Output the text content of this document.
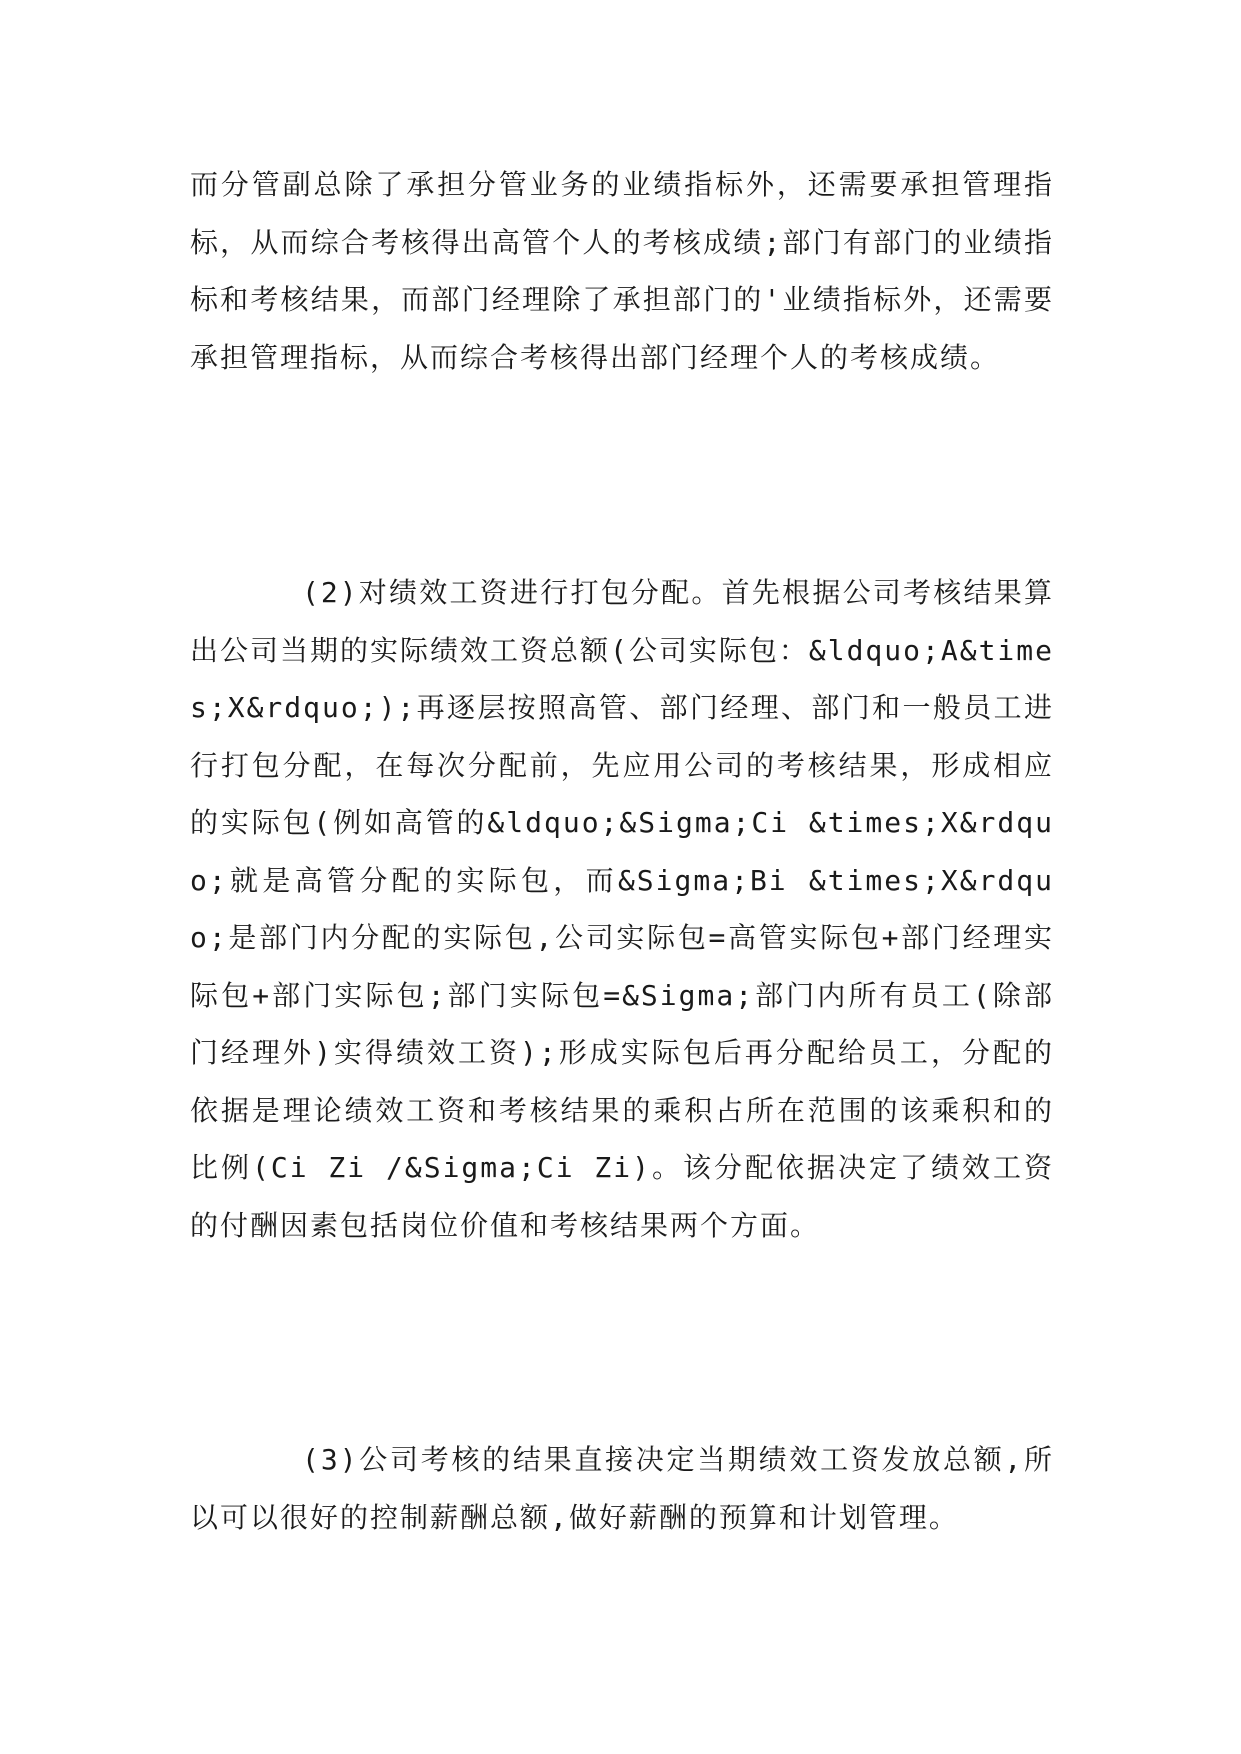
而分管副总除了承担分管业务的业绩指标外，还需要承担管理指标，从而综合考核得出高管个人的考核成绩;部门有部门的业绩指标和考核结果，而部门经理除了承担部门的'业绩指标外，还需要承担管理指标，从而综合考核得出部门经理个人的考核成绩。

(2)对绩效工资进行打包分配。首先根据公司考核结果算出公司当期的实际绩效工资总额(公司实际包：&ldquo;A&times;X&rdquo;);再逐层按照高管、部门经理、部门和一般员工进行打包分配，在每次分配前，先应用公司的考核结果，形成相应的实际包(例如高管的&ldquo;&Sigma;Ci &times;X&rdquo;就是高管分配的实际包，而&Sigma;Bi &times;X&rdquo;是部门内分配的实际包,公司实际包=高管实际包+部门经理实际包+部门实际包;部门实际包=&Sigma;部门内所有员工(除部门经理外)实得绩效工资);形成实际包后再分配给员工，分配的依据是理论绩效工资和考核结果的乘积占所在范围的该乘积和的比例(Ci Zi /&Sigma;Ci Zi)。该分配依据决定了绩效工资的付酬因素包括岗位价值和考核结果两个方面。

(3)公司考核的结果直接决定当期绩效工资发放总额,所以可以很好的控制薪酬总额,做好薪酬的预算和计划管理。
